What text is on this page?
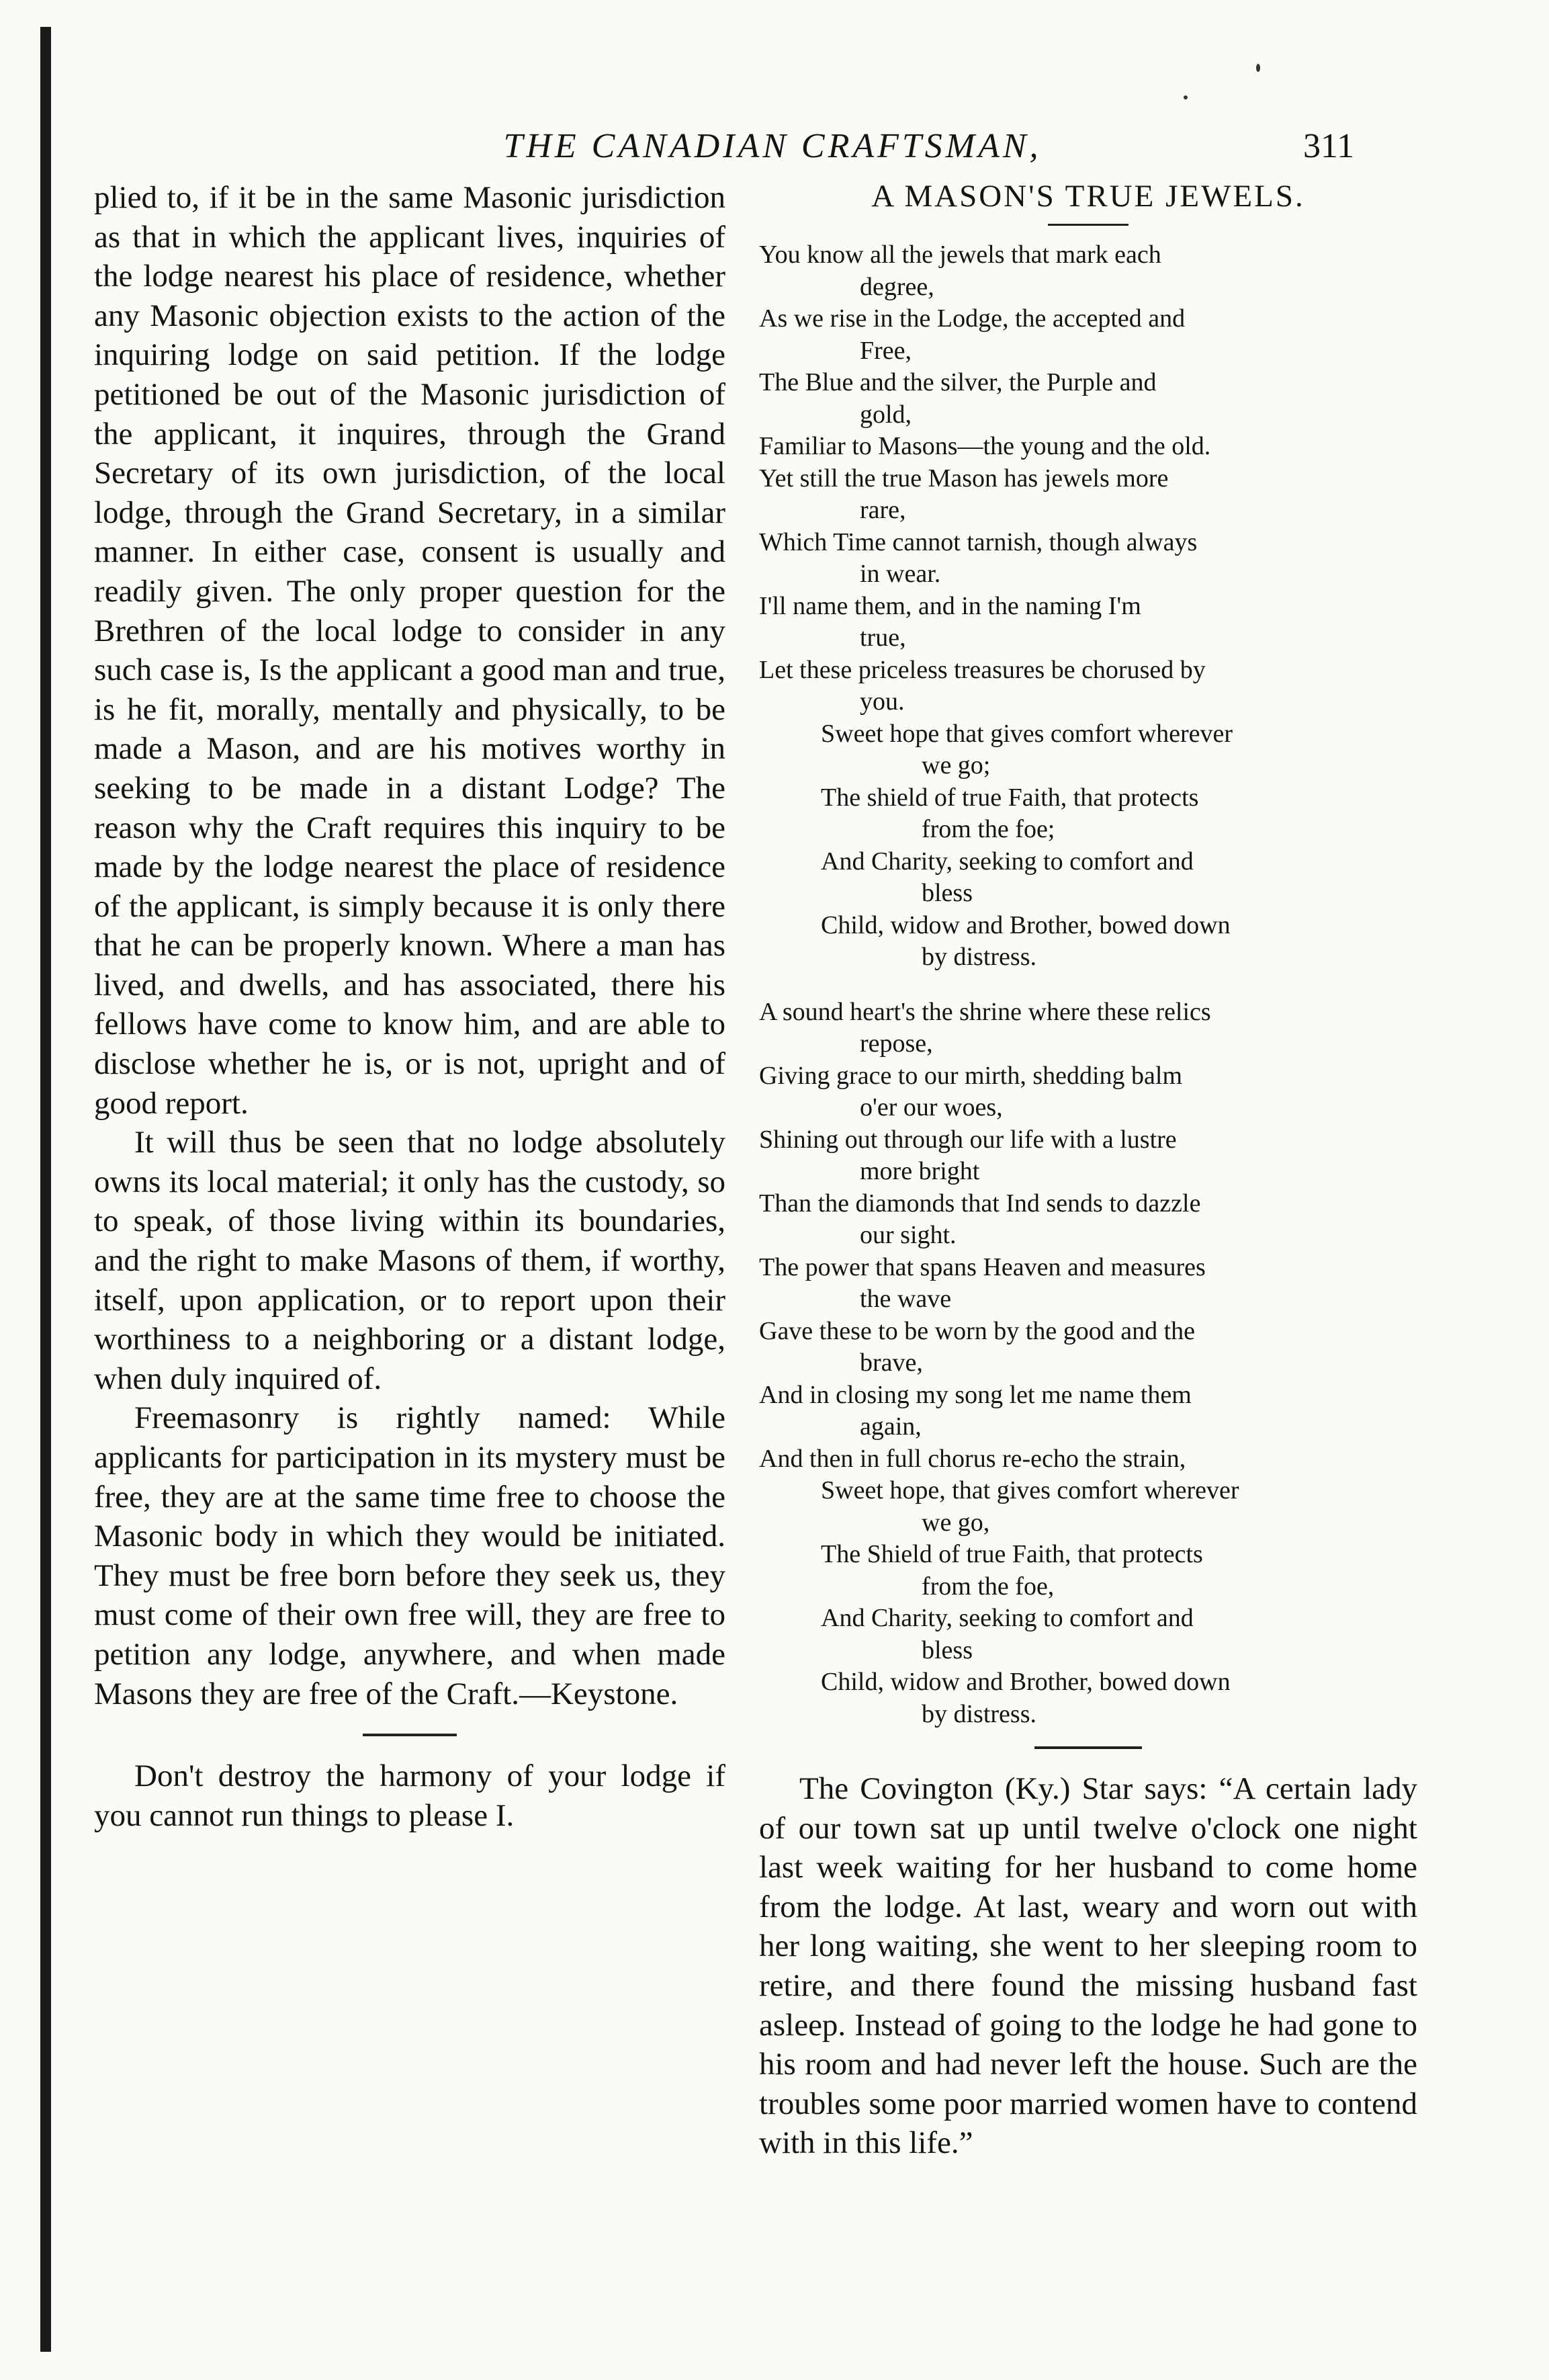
THE CANADIAN CRAFTSMAN,	311

plied to, if it be in the same Masonic jurisdiction as that in which the applicant lives, inquiries of the lodge nearest his place of residence, whether any Masonic objection exists to the action of the inquiring lodge on said petition. If the lodge petitioned be out of the Masonic jurisdiction of the applicant, it inquires, through the Grand Secretary of its own jurisdiction, of the local lodge, through the Grand Secretary, in a similar manner. In either case, consent is usually and readily given. The only proper question for the Brethren of the local lodge to consider in any such case is, Is the applicant a good man and true, is he fit, morally, mentally and physically, to be made a Mason, and are his motives worthy in seeking to be made in a distant Lodge? The reason why the Craft requires this inquiry to be made by the lodge nearest the place of residence of the applicant, is simply because it is only there that he can be properly known. Where a man has lived, and dwells, and has associated, there his fellows have come to know him, and are able to disclose whether he is, or is not, upright and of good report.

It will thus be seen that no lodge absolutely owns its local material; it only has the custody, so to speak, of those living within its boundaries, and the right to make Masons of them, if worthy, itself, upon application, or to report upon their worthiness to a neighboring or a distant lodge, when duly inquired of.

Freemasonry is rightly named: While applicants for participation in its mystery must be free, they are at the same time free to choose the Masonic body in which they would be initiated. They must be free born before they seek us, they must come of their own free will, they are free to petition any lodge, anywhere, and when made Masons they are free of the Craft.—Keystone.

Don't destroy the harmony of your lodge if you cannot run things to please I.

A MASON'S TRUE JEWELS.
You know all the jewels that mark each
degree,
As we rise in the Lodge, the accepted and
Free,
The Blue and the silver, the Purple and
gold,
Familiar to Masons—the young and the old.
Yet still the true Mason has jewels more
rare,
Which Time cannot tarnish, though always
in wear.
I'll name them, and in the naming I'm
true,
Let these priceless treasures be chorused by
you.
Sweet hope that gives comfort wherever
we go;
The shield of true Faith, that protects
from the foe;
And Charity, seeking to comfort and
bless
Child, widow and Brother, bowed down
by distress.
A sound heart's the shrine where these relics
repose,
Giving grace to our mirth, shedding balm
o'er our woes,
Shining out through our life with a lustre
more bright
Than the diamonds that Ind sends to dazzle
our sight.
The power that spans Heaven and measures
the wave
Gave these to be worn by the good and the
brave,
And in closing my song let me name them
again,
And then in full chorus re-echo the strain,
Sweet hope, that gives comfort wherever
we go,
The Shield of true Faith, that protects
from the foe,
And Charity, seeking to comfort and
bless
Child, widow and Brother, bowed down
by distress.

The Covington (Ky.) Star says: “A certain lady of our town sat up until twelve o'clock one night last week waiting for her husband to come home from the lodge. At last, weary and worn out with her long waiting, she went to her sleeping room to retire, and there found the missing husband fast asleep. Instead of going to the lodge he had gone to his room and had never left the house. Such are the troubles some poor married women have to contend with in this life.”
